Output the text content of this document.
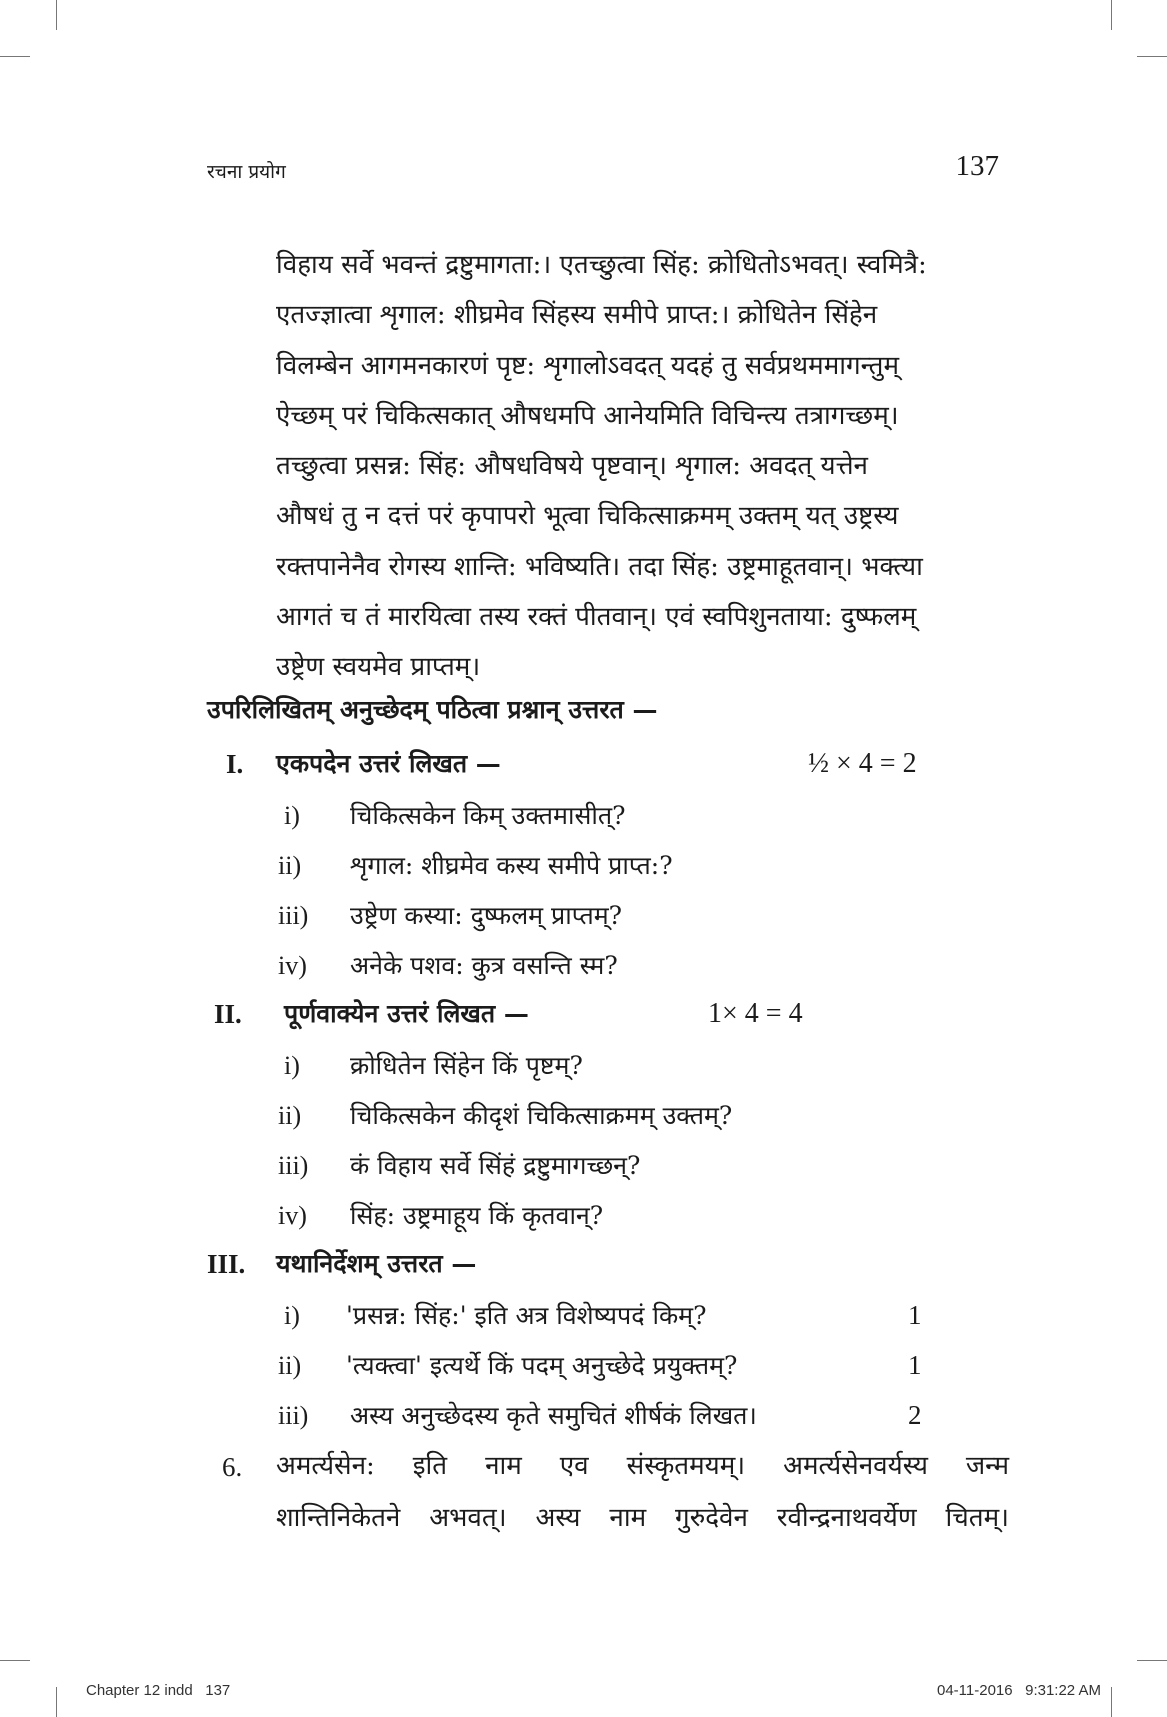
रचना प्रयोग	137

विहाय सर्वे भवन्तं द्रष्टुमागता:। एतच्छुत्वा सिंह: क्रोधितोऽभवत्। स्वमित्रै:

एतज्ज्ञात्वा शृगाल: शीघ्रमेव सिंहस्य समीपे प्राप्त:। क्रोधितेन सिंहेन

विलम्बेन आगमनकारणं पृष्ट: शृगालोऽवदत् यदहं तु सर्वप्रथममागन्तुम्

ऐच्छम् परं चिकित्सकात् औषधमपि आनेयमिति विचिन्त्य तत्रागच्छम्।

तच्छुत्वा प्रसन्न: सिंह: औषधविषये पृष्टवान्। शृगाल: अवदत् यत्तेन

औषधं तु न दत्तं परं कृपापरो भूत्वा चिकित्साक्रमम् उक्तम् यत् उष्ट्रस्य

रक्तपानेनैव रोगस्य शान्ति: भविष्यति। तदा सिंह: उष्ट्रमाहूतवान्। भक्त्या

आगतं च तं मारयित्वा तस्य रक्तं पीतवान्। एवं स्वपिशुनताया: दुष्फलम्

उष्ट्रेण स्वयमेव प्राप्तम्।

उपरिलिखितम् अनुच्छेदम् पठित्वा प्रश्नान् उत्तरत —
I. एकपदेन उत्तरं लिखत —	½ × 4 = 2
i) चिकित्सकेन किम् उक्तमासीत्?
ii) शृगाल: शीघ्रमेव कस्य समीपे प्राप्त:?
iii) उष्ट्रेण कस्या: दुष्फलम् प्राप्तम्?
iv) अनेके पशव: कुत्र वसन्ति स्म?
II. पूर्णवाक्येन उत्तरं लिखत —	1× 4 = 4
i) क्रोधितेन सिंहेन किं पृष्टम्?
ii) चिकित्सकेन कीदृशं चिकित्साक्रमम् उक्तम्?
iii) कं विहाय सर्वे सिंहं द्रष्टुमागच्छन्?
iv) सिंह: उष्ट्रमाहूय किं कृतवान्?
III. यथानिर्देशम् उत्तरत —
i) 'प्रसन्न: सिंह:' इति अत्र विशेष्यपदं किम्?	1
ii) 'त्यक्त्वा' इत्यर्थे किं पदम् अनुच्छेदे प्रयुक्तम्?	1
iii) अस्य अनुच्छेदस्य कृते समुचितं शीर्षकं लिखत।	2
6. अमर्त्यसेन: इति नाम एव संस्कृतमयम्। अमर्त्यसेनवर्यस्य जन्म
शान्तिनिकेतने अभवत्। अस्य नाम गुरुदेवेन रवीन्द्रनाथवर्येण चितम्।
Chapter 12 indd   137	04-11-2016   9:31:22 AM
